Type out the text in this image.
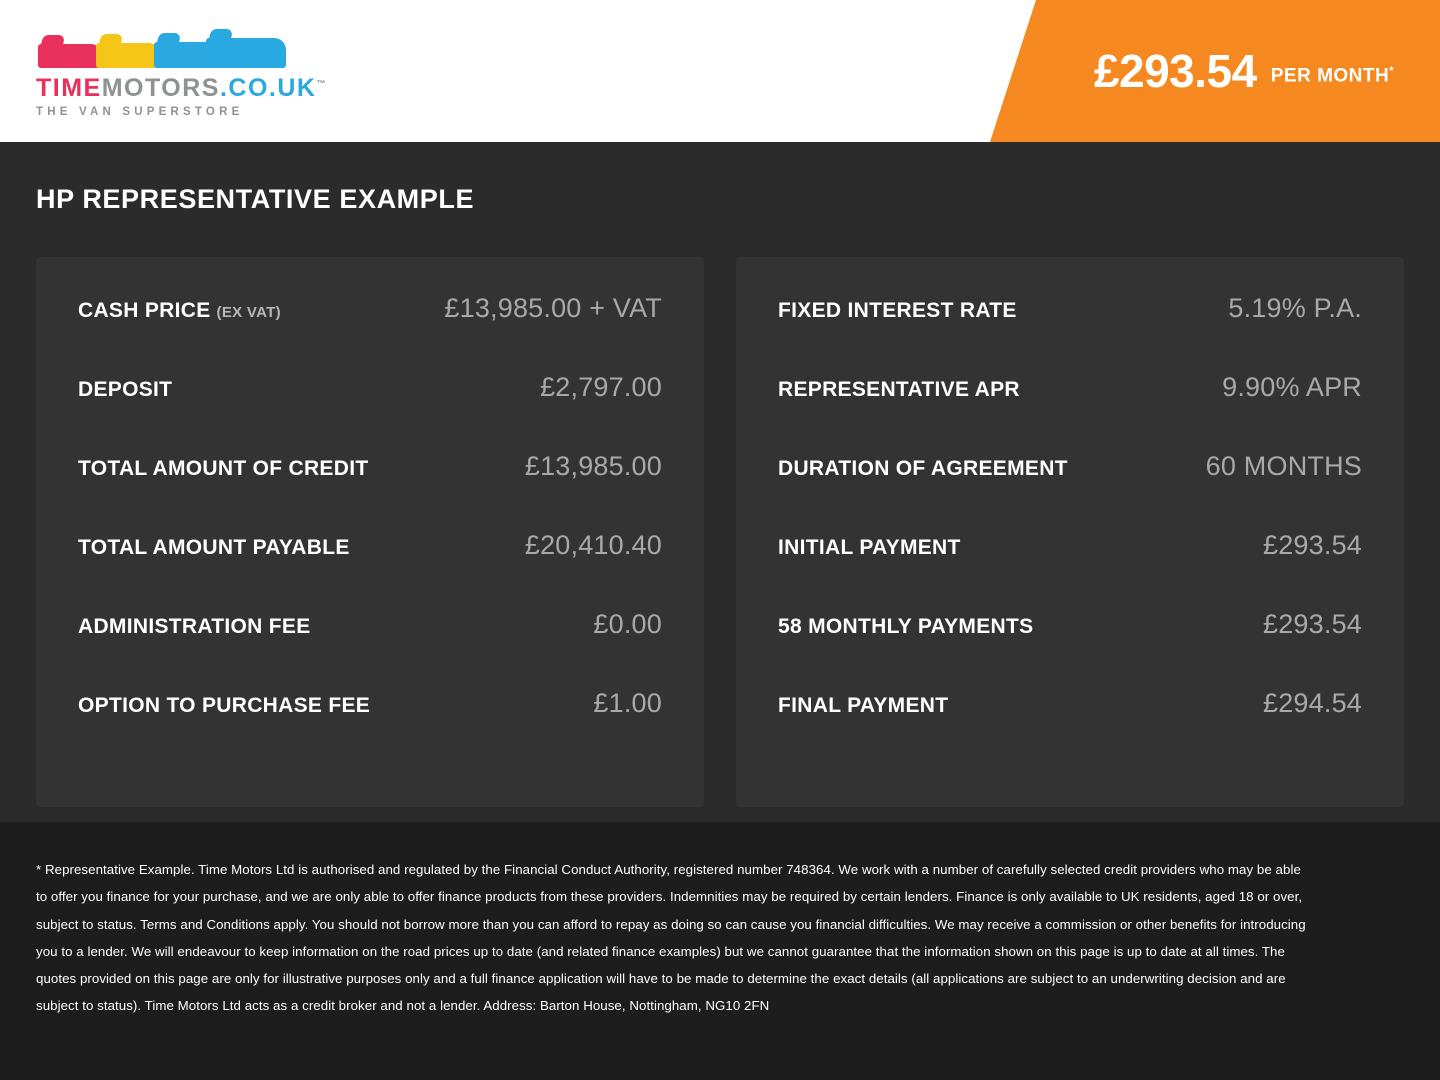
TIMEMOTORS.CO.UK™
THE VAN SUPERSTORE
£293.54 PER MONTH*
HP REPRESENTATIVE EXAMPLE
CASH PRICE (EX VAT)	£13,985.00 + VAT
DEPOSIT	£2,797.00
TOTAL AMOUNT OF CREDIT	£13,985.00
TOTAL AMOUNT PAYABLE	£20,410.40
ADMINISTRATION FEE	£0.00
OPTION TO PURCHASE FEE	£1.00
FIXED INTEREST RATE	5.19% P.A.
REPRESENTATIVE APR	9.90% APR
DURATION OF AGREEMENT	60 MONTHS
INITIAL PAYMENT	£293.54
58 MONTHLY PAYMENTS	£293.54
FINAL PAYMENT	£294.54

* Representative Example. Time Motors Ltd is authorised and regulated by the Financial Conduct Authority, registered number 748364. We work with a number of carefully selected credit providers who may be able to offer you finance for your purchase, and we are only able to offer finance products from these providers. Indemnities may be required by certain lenders. Finance is only available to UK residents, aged 18 or over, subject to status. Terms and Conditions apply. You should not borrow more than you can afford to repay as doing so can cause you financial difficulties. We may receive a commission or other benefits for introducing you to a lender. We will endeavour to keep information on the road prices up to date (and related finance examples) but we cannot guarantee that the information shown on this page is up to date at all times. The quotes provided on this page are only for illustrative purposes only and a full finance application will have to be made to determine the exact details (all applications are subject to an underwriting decision and are subject to status). Time Motors Ltd acts as a credit broker and not a lender. Address: Barton House, Nottingham, NG10 2FN
